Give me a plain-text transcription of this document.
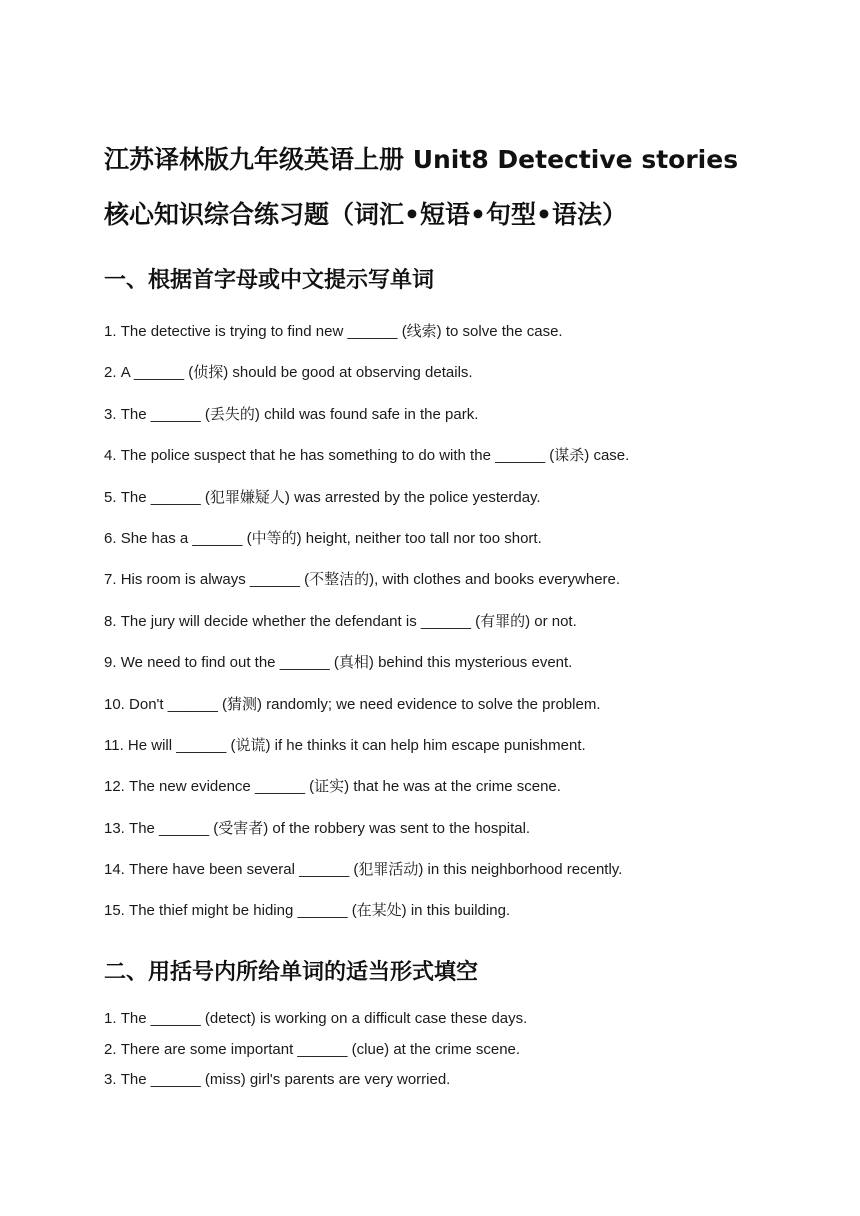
江苏译林版九年级英语上册 Unit8 Detective stories 核心知识综合练习题（词汇•短语•句型•语法）
一、根据首字母或中文提示写单词
1. The detective is trying to find new ______ (线索) to solve the case.
2. A ______ (侦探) should be good at observing details.
3. The ______ (丢失的) child was found safe in the park.
4. The police suspect that he has something to do with the ______ (谋杀) case.
5. The ______ (犯罪嫌疑人) was arrested by the police yesterday.
6. She has a ______ (中等的) height, neither too tall nor too short.
7. His room is always ______ (不整洁的), with clothes and books everywhere.
8. The jury will decide whether the defendant is ______ (有罪的) or not.
9. We need to find out the ______ (真相) behind this mysterious event.
10. Don't ______ (猜测) randomly; we need evidence to solve the problem.
11. He will ______ (说谎) if he thinks it can help him escape punishment.
12. The new evidence ______ (证实) that he was at the crime scene.
13. The ______ (受害者) of the robbery was sent to the hospital.
14. There have been several ______ (犯罪活动) in this neighborhood recently.
15. The thief might be hiding ______ (在某处) in this building.
二、用括号内所给单词的适当形式填空
1. The ______ (detect) is working on a difficult case these days.
2. There are some important ______ (clue) at the crime scene.
3. The ______ (miss) girl's parents are very worried.
